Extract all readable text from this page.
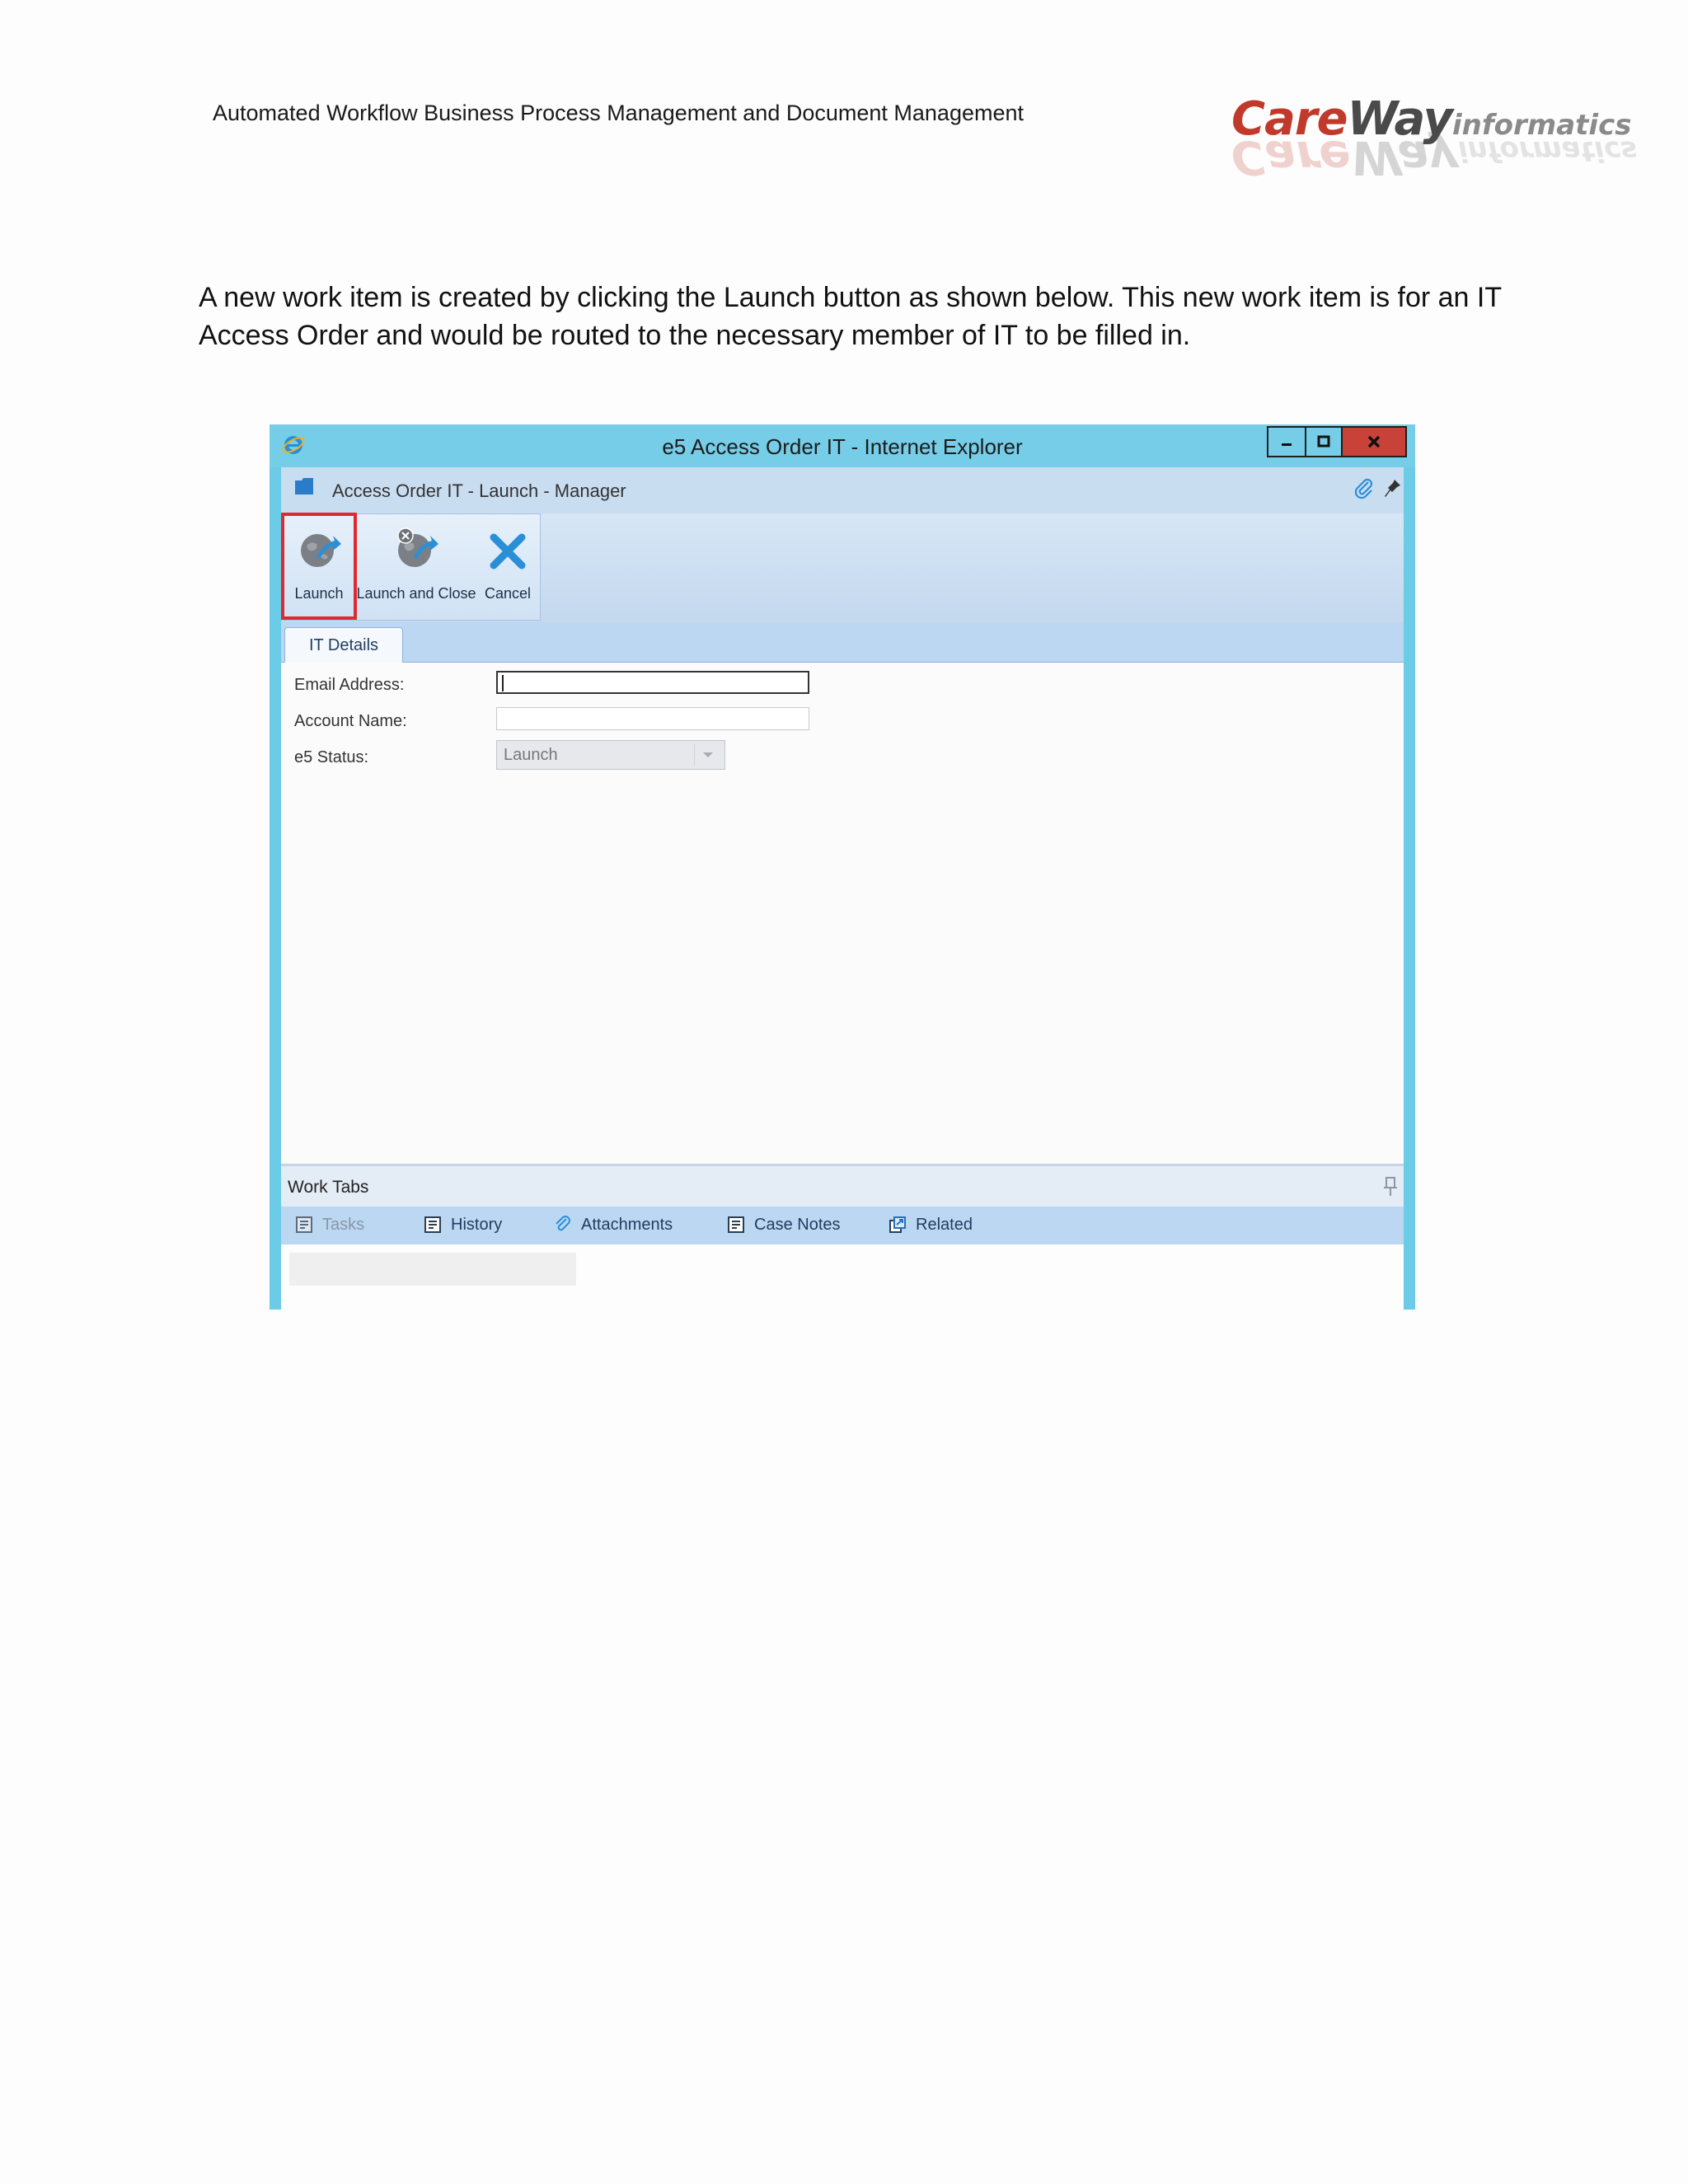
Automated Workflow Business Process Management and Document Management	CareWayinformatics
CareWayinformatics
A new work item is created by clicking the Launch button as shown below. This new work item is for an IT Access Order and would be routed to the necessary member of IT to be filled in.
e5 Access Order IT - Internet Explorer
Access Order IT - Launch - Manager
Launch Launch and Close Cancel
IT Details
Email Address:
Account Name:
e5 Status:	Launch
Work Tabs
Tasks	History	Attachments	Case Notes	Related
